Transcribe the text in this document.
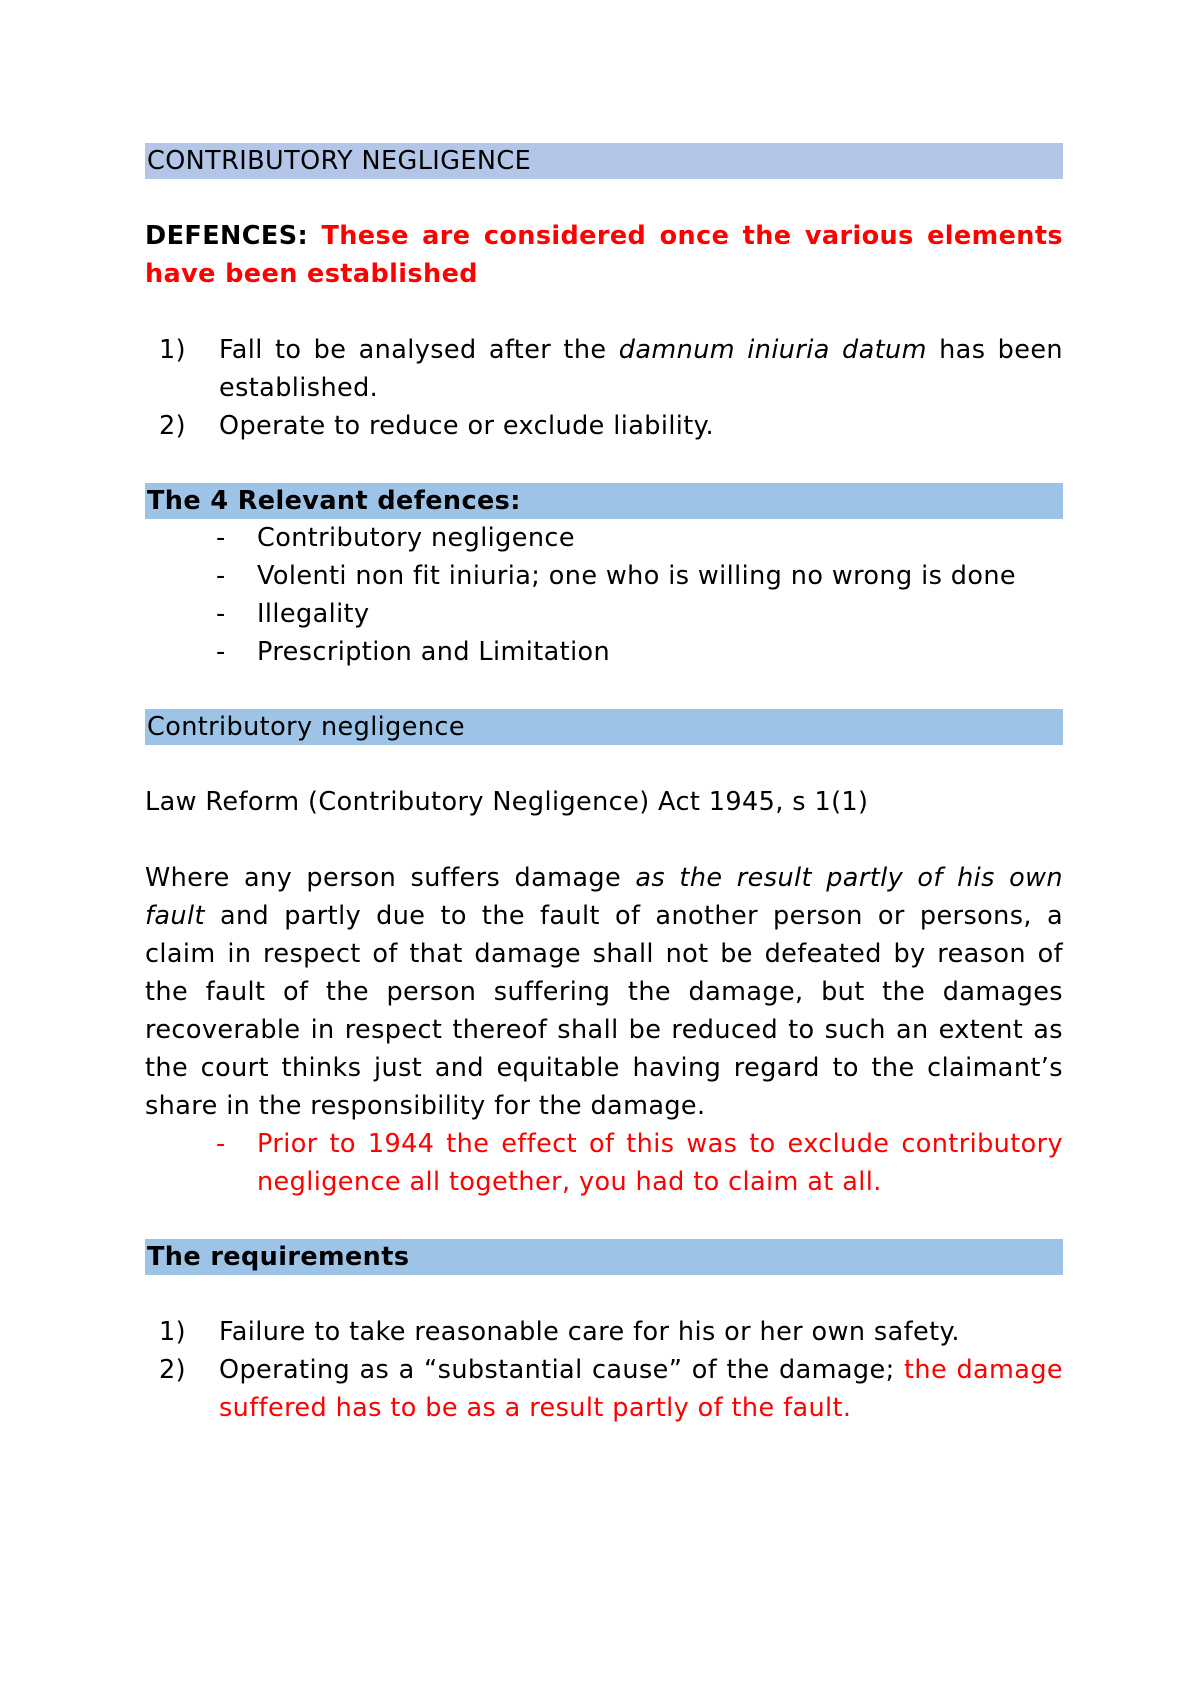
CONTRIBUTORY NEGLIGENCE

DEFENCES: These are considered once the various elements have been established

1) Fall to be analysed after the damnum iniuria datum has been established.

2) Operate to reduce or exclude liability.

The 4 Relevant defences:

- Contributory negligence

- Volenti non fit iniuria; one who is willing no wrong is done

- Illegality

- Prescription and Limitation

Contributory negligence

Law Reform (Contributory Negligence) Act 1945, s 1(1)

Where any person suffers damage as the result partly of his own fault and partly due to the fault of another person or persons, a claim in respect of that damage shall not be defeated by reason of the fault of the person suffering the damage, but the damages recoverable in respect thereof shall be reduced to such an extent as the court thinks just and equitable having regard to the claimant’s share in the responsibility for the damage.

- Prior to 1944 the effect of this was to exclude contributory negligence all together, you had to claim at all.

The requirements

1) Failure to take reasonable care for his or her own safety.

2) Operating as a “substantial cause” of the damage; the damage suffered has to be as a result partly of the fault.
